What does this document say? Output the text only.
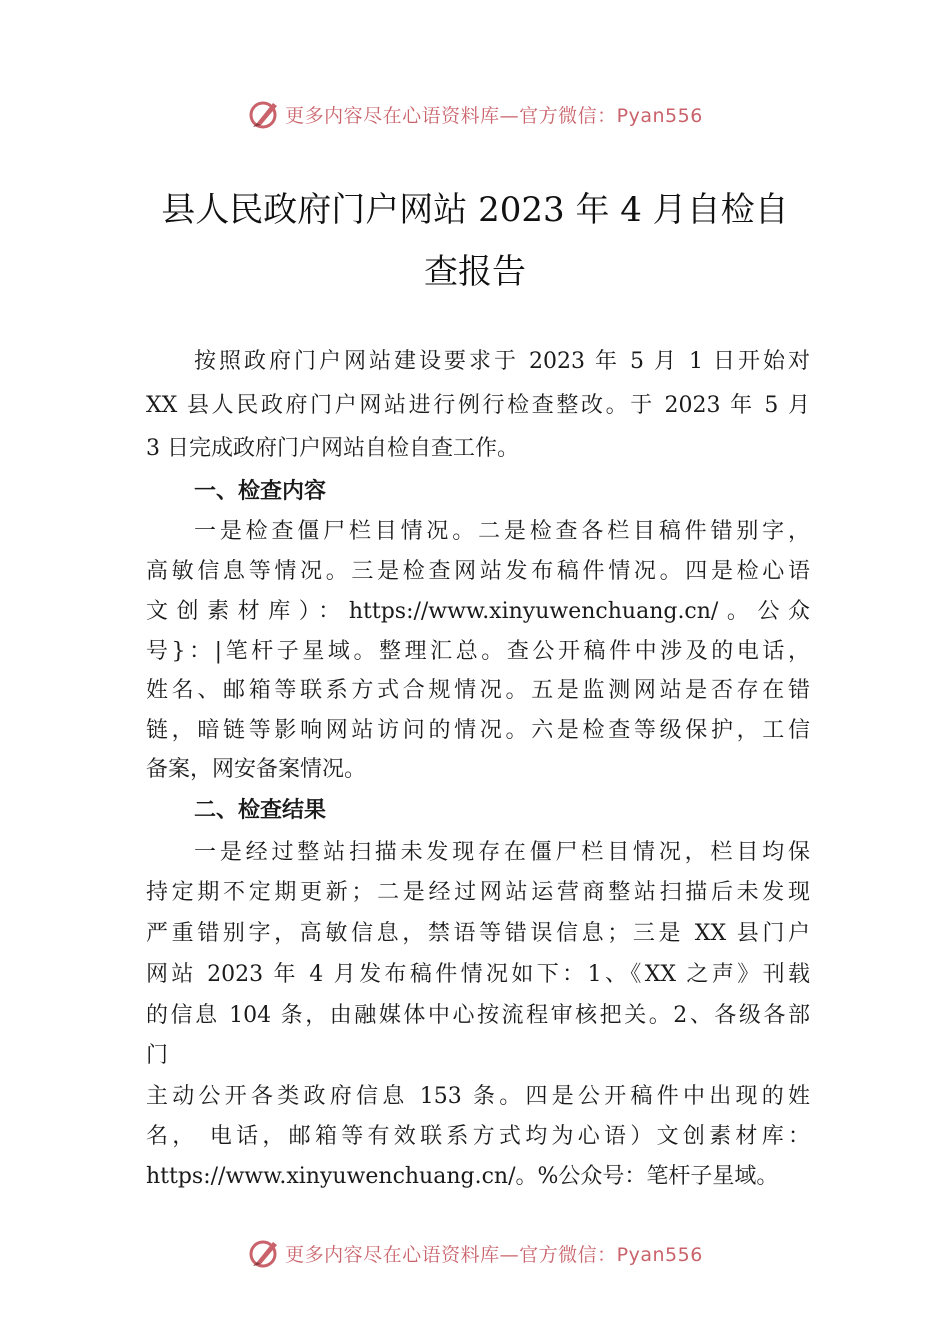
更多内容尽在心语资料库—官方微信：Pyan556
县人民政府门户网站 2023 年 4 月自检自
查报告
按照政府门户网站建设要求于 2023 年 5 月 1 日开始对
XX 县人民政府门户网站进行例行检查整改。于 2023 年 5 月
3 日完成政府门户网站自检自查工作。
一、检查内容
一是检查僵尸栏目情况。二是检查各栏目稿件错别字，
高敏信息等情况。三是检查网站发布稿件情况。四是检心语
文创素材库）：https://www.xinyuwenchuang.cn/。公众
号}：|笔杆子星域。整理汇总。查公开稿件中涉及的电话，
姓名、邮箱等联系方式合规情况。五是监测网站是否存在错
链，暗链等影响网站访问的情况。六是检查等级保护，工信
备案，网安备案情况。
二、检查结果
一是经过整站扫描未发现存在僵尸栏目情况，栏目均保
持定期不定期更新；二是经过网站运营商整站扫描后未发现
严重错别字，高敏信息，禁语等错误信息；三是 XX 县门户
网站 2023 年 4 月发布稿件情况如下：1、《XX 之声》刊载
的信息 104 条，由融媒体中心按流程审核把关。2、各级各部
门
主动公开各类政府信息 153 条。四是公开稿件中出现的姓
名， 电话，邮箱等有效联系方式均为心语）文创素材库：
https://www.xinyuwenchuang.cn/。%公众号：笔杆子星域。
更多内容尽在心语资料库—官方微信：Pyan556
